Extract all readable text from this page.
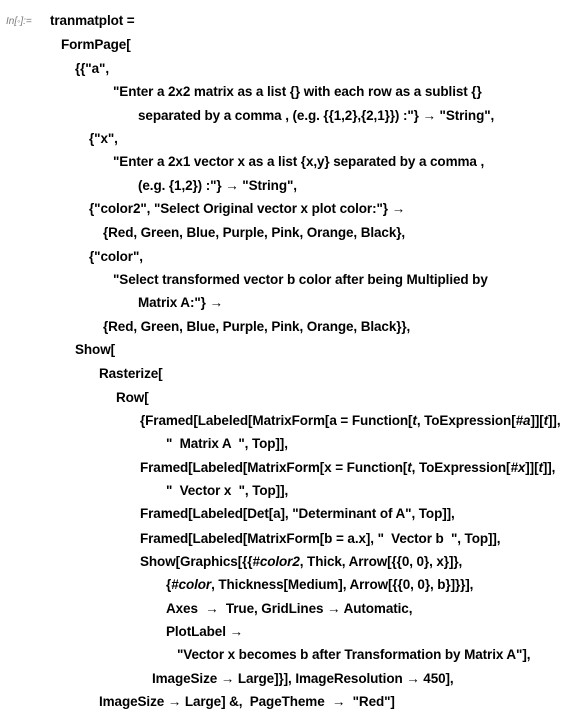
In[◦]:= tranmatplot =
FormPage[
{{"a",
"Enter a 2x2 matrix as a list {} with each row as a sublist {}
separated by a comma , (e.g. {{1,2},{2,1}}) :"} → "String",
{"x",
"Enter a 2x1 vector x as a list {x,y} separated by a comma ,
(e.g. {1,2}) :"} → "String",
{"color2", "Select Original vector x plot color:"} →
{Red, Green, Blue, Purple, Pink, Orange, Black},
{"color",
"Select transformed vector b color after being Multiplied by
Matrix A:"} →
{Red, Green, Blue, Purple, Pink, Orange, Black}},
Show[
Rasterize[
Row[
{Framed[Labeled[MatrixForm[a = Function[t, ToExpression[#a]][t]],
"  Matrix A  ", Top]],
Framed[Labeled[MatrixForm[x = Function[t, ToExpression[#x]][t]],
"  Vector x  ", Top]],
Framed[Labeled[Det[a], "Determinant of A", Top]],
Framed[Labeled[MatrixForm[b = a.x], "  Vector b  ", Top]],
Show[Graphics[{{#color2, Thick, Arrow[{{0, 0}, x}]},
{#color, Thickness[Medium], Arrow[{{0, 0}, b}]}}],
Axes  →  True, GridLines → Automatic,
PlotLabel →
"Vector x becomes b after Transformation by Matrix A"],
ImageSize → Large]}], ImageResolution → 450],
ImageSize → Large] &,  PageTheme  →  "Red"]
